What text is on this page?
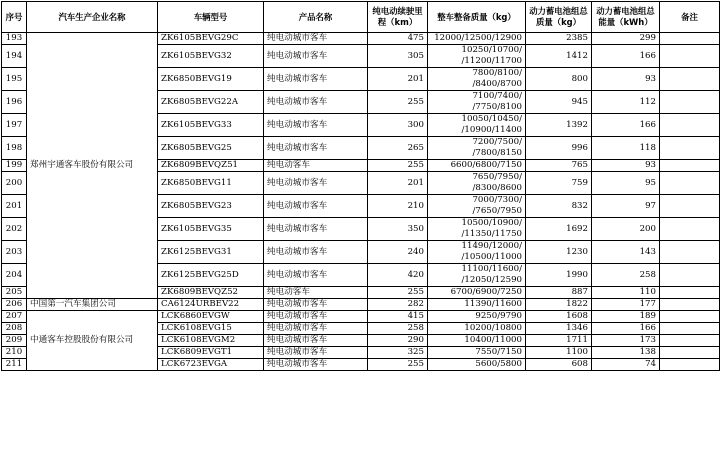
序号	汽车生产企业名称	车辆型号	产品名称	纯电动续驶里程（km）	整车整备质量（kg）	动力蓄电池组总质量（kg）	动力蓄电池组总能量（kWh）	备注
193	郑州宇通客车股份有限公司	ZK6105BEVG29C	纯电动城市客车	475	12000/12500/12900	2385	299	
194		ZK6105BEVG32	纯电动城市客车	305	10250/10700/
/11200/11700	1412	166	
195		ZK6850BEVG19	纯电动城市客车	201	7800/8100/
/8400/8700	800	93	
196		ZK6805BEVG22A	纯电动城市客车	255	7100/7400/
/7750/8100	945	112	
197		ZK6105BEVG33	纯电动城市客车	300	10050/10450/
/10900/11400	1392	166	
198		ZK6805BEVG25	纯电动城市客车	265	7200/7500/
/7800/8150	996	118	
199		ZK6809BEVQZ51	纯电动客车	255	6600/6800/7150	765	93	
200		ZK6850BEVG11	纯电动城市客车	201	7650/7950/
/8300/8600	759	95	
201		ZK6805BEVG23	纯电动城市客车	210	7000/7300/
/7650/7950	832	97	
202		ZK6105BEVG35	纯电动城市客车	350	10500/10900/
/11350/11750	1692	200	
203		ZK6125BEVG31	纯电动城市客车	240	11490/12000/
/10500/11000	1230	143	
204		ZK6125BEVG25D	纯电动城市客车	420	11100/11600/
/12050/12590	1990	258	
205		ZK6809BEVQZ52	纯电动客车	255	6700/6900/7250	887	110	
206	中国第一汽车集团公司	CA6124URBEV22	纯电动城市客车	282	11390/11600	1822	177	
207	中通客车控股股份有限公司	LCK6860EVGW	纯电动城市客车	415	9250/9790	1608	189	
208		LCK6108EVG15	纯电动城市客车	258	10200/10800	1346	166	
209		LCK6108EVGM2	纯电动城市客车	290	10400/11000	1711	173	
210		LCK6809EVGT1	纯电动城市客车	325	7550/7150	1100	138	
211		LCK6723EVGA	纯电动城市客车	255	5600/5800	608	74	
